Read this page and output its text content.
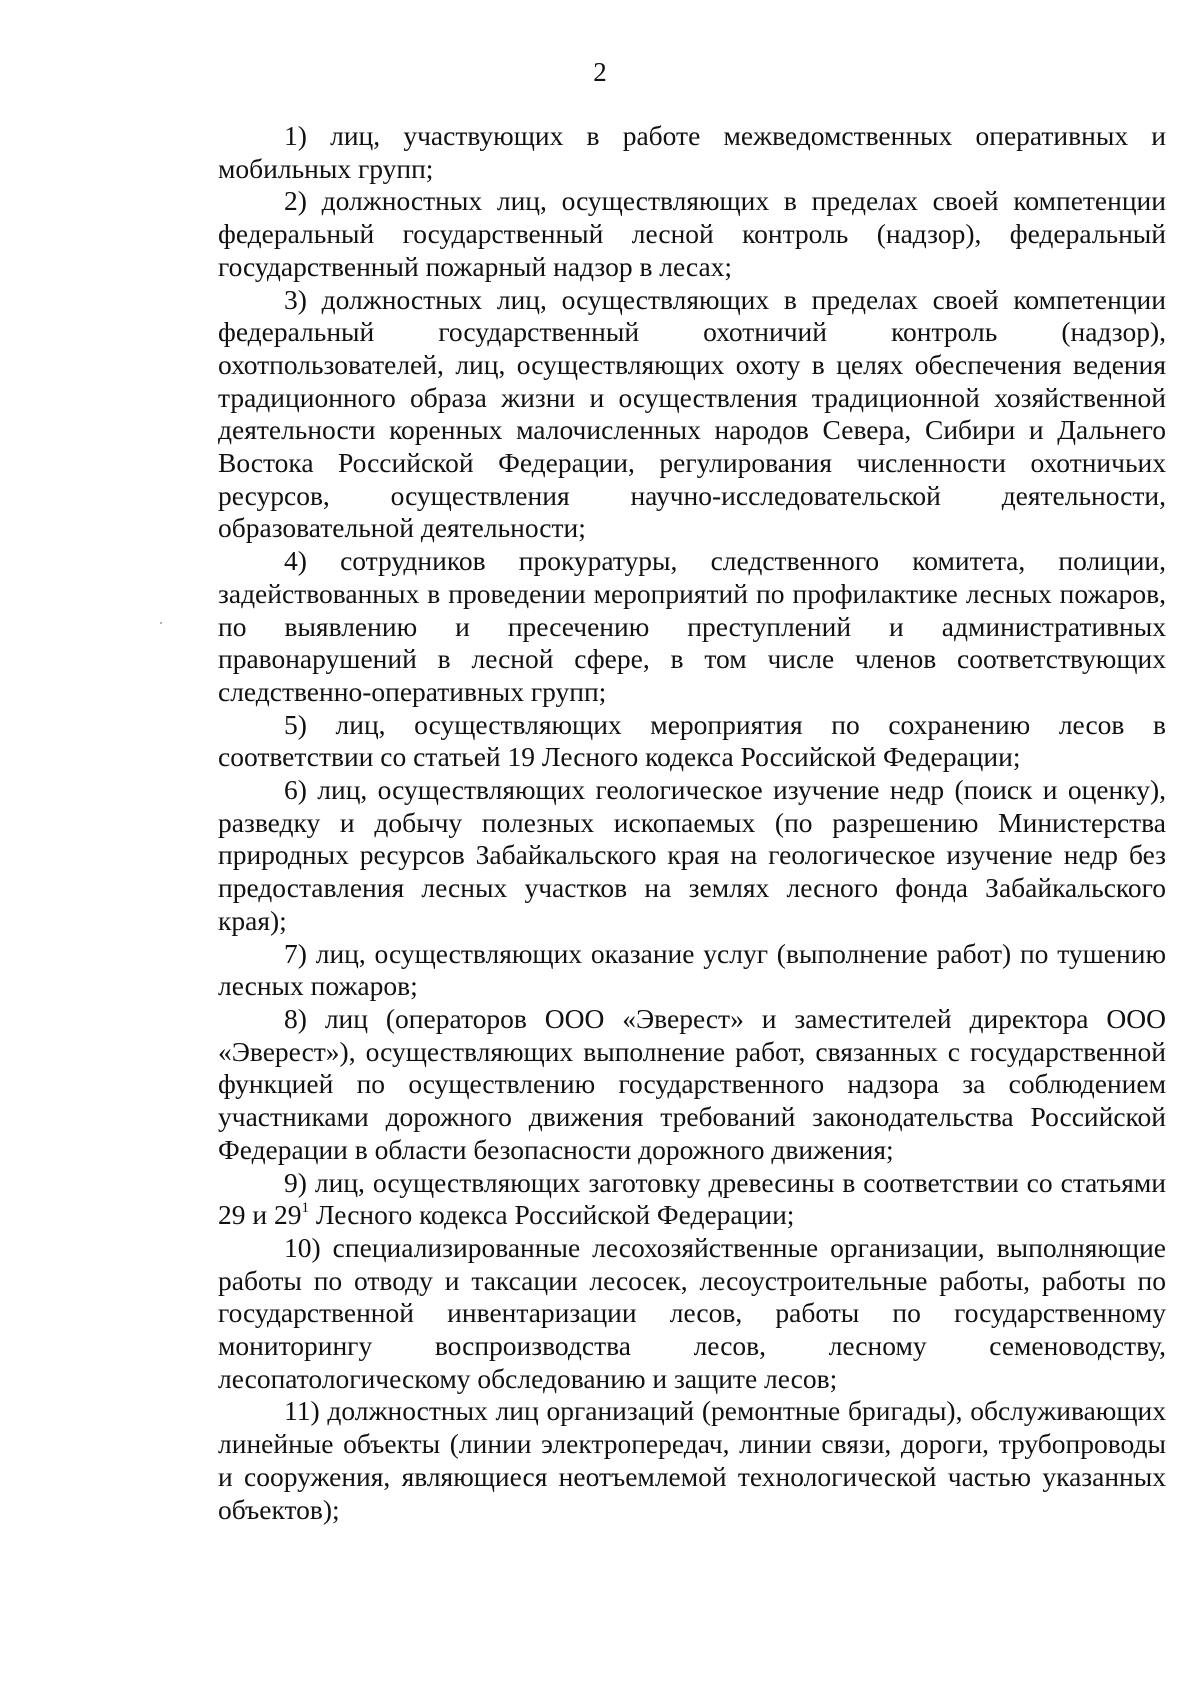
2

1) лиц, участвующих в работе межведомственных оперативных и мобильных групп;

2) должностных лиц, осуществляющих в пределах своей компетенции федеральный государственный лесной контроль (надзор), федеральный государственный пожарный надзор в лесах;

3) должностных лиц, осуществляющих в пределах своей компетенции федеральный государственный охотничий контроль (надзор), охотпользователей, лиц, осуществляющих охоту в целях обеспечения ведения традиционного образа жизни и осуществления традиционной хозяйственной деятельности коренных малочисленных народов Севера, Сибири и Дальнего Востока Российской Федерации, регулирования численности охотничьих ресурсов, осуществления научно-исследовательской деятельности, образовательной деятельности;

4) сотрудников прокуратуры, следственного комитета, полиции, задействованных в проведении мероприятий по профилактике лесных пожаров, по выявлению и пресечению преступлений и административных правонарушений в лесной сфере, в том числе членов соответствующих следственно-оперативных групп;

5) лиц, осуществляющих мероприятия по сохранению лесов в соответствии со статьей 19 Лесного кодекса Российской Федерации;

6) лиц, осуществляющих геологическое изучение недр (поиск и оценку), разведку и добычу полезных ископаемых (по разрешению Министерства природных ресурсов Забайкальского края на геологическое изучение недр без предоставления лесных участков на землях лесного фонда Забайкальского края);

7) лиц, осуществляющих оказание услуг (выполнение работ) по тушению лесных пожаров;

8) лиц (операторов ООО «Эверест» и заместителей директора ООО «Эверест»), осуществляющих выполнение работ, связанных с государственной функцией по осуществлению государственного надзора за соблюдением участниками дорожного движения требований законодательства Российской Федерации в области безопасности дорожного движения;

9) лиц, осуществляющих заготовку древесины в соответствии со статьями 29 и $29^1$ Лесного кодекса Российской Федерации;

10) специализированные лесохозяйственные организации, выполняющие работы по отводу и таксации лесосек, лесоустроительные работы, работы по государственной инвентаризации лесов, работы по государственному мониторингу воспроизводства лесов, лесному семеноводству, лесопатологическому обследованию и защите лесов;

11) должностных лиц организаций (ремонтные бригады), обслуживающих линейные объекты (линии электропередач, линии связи, дороги, трубопроводы и сооружения, являющиеся неотъемлемой технологической частью указанных объектов);
